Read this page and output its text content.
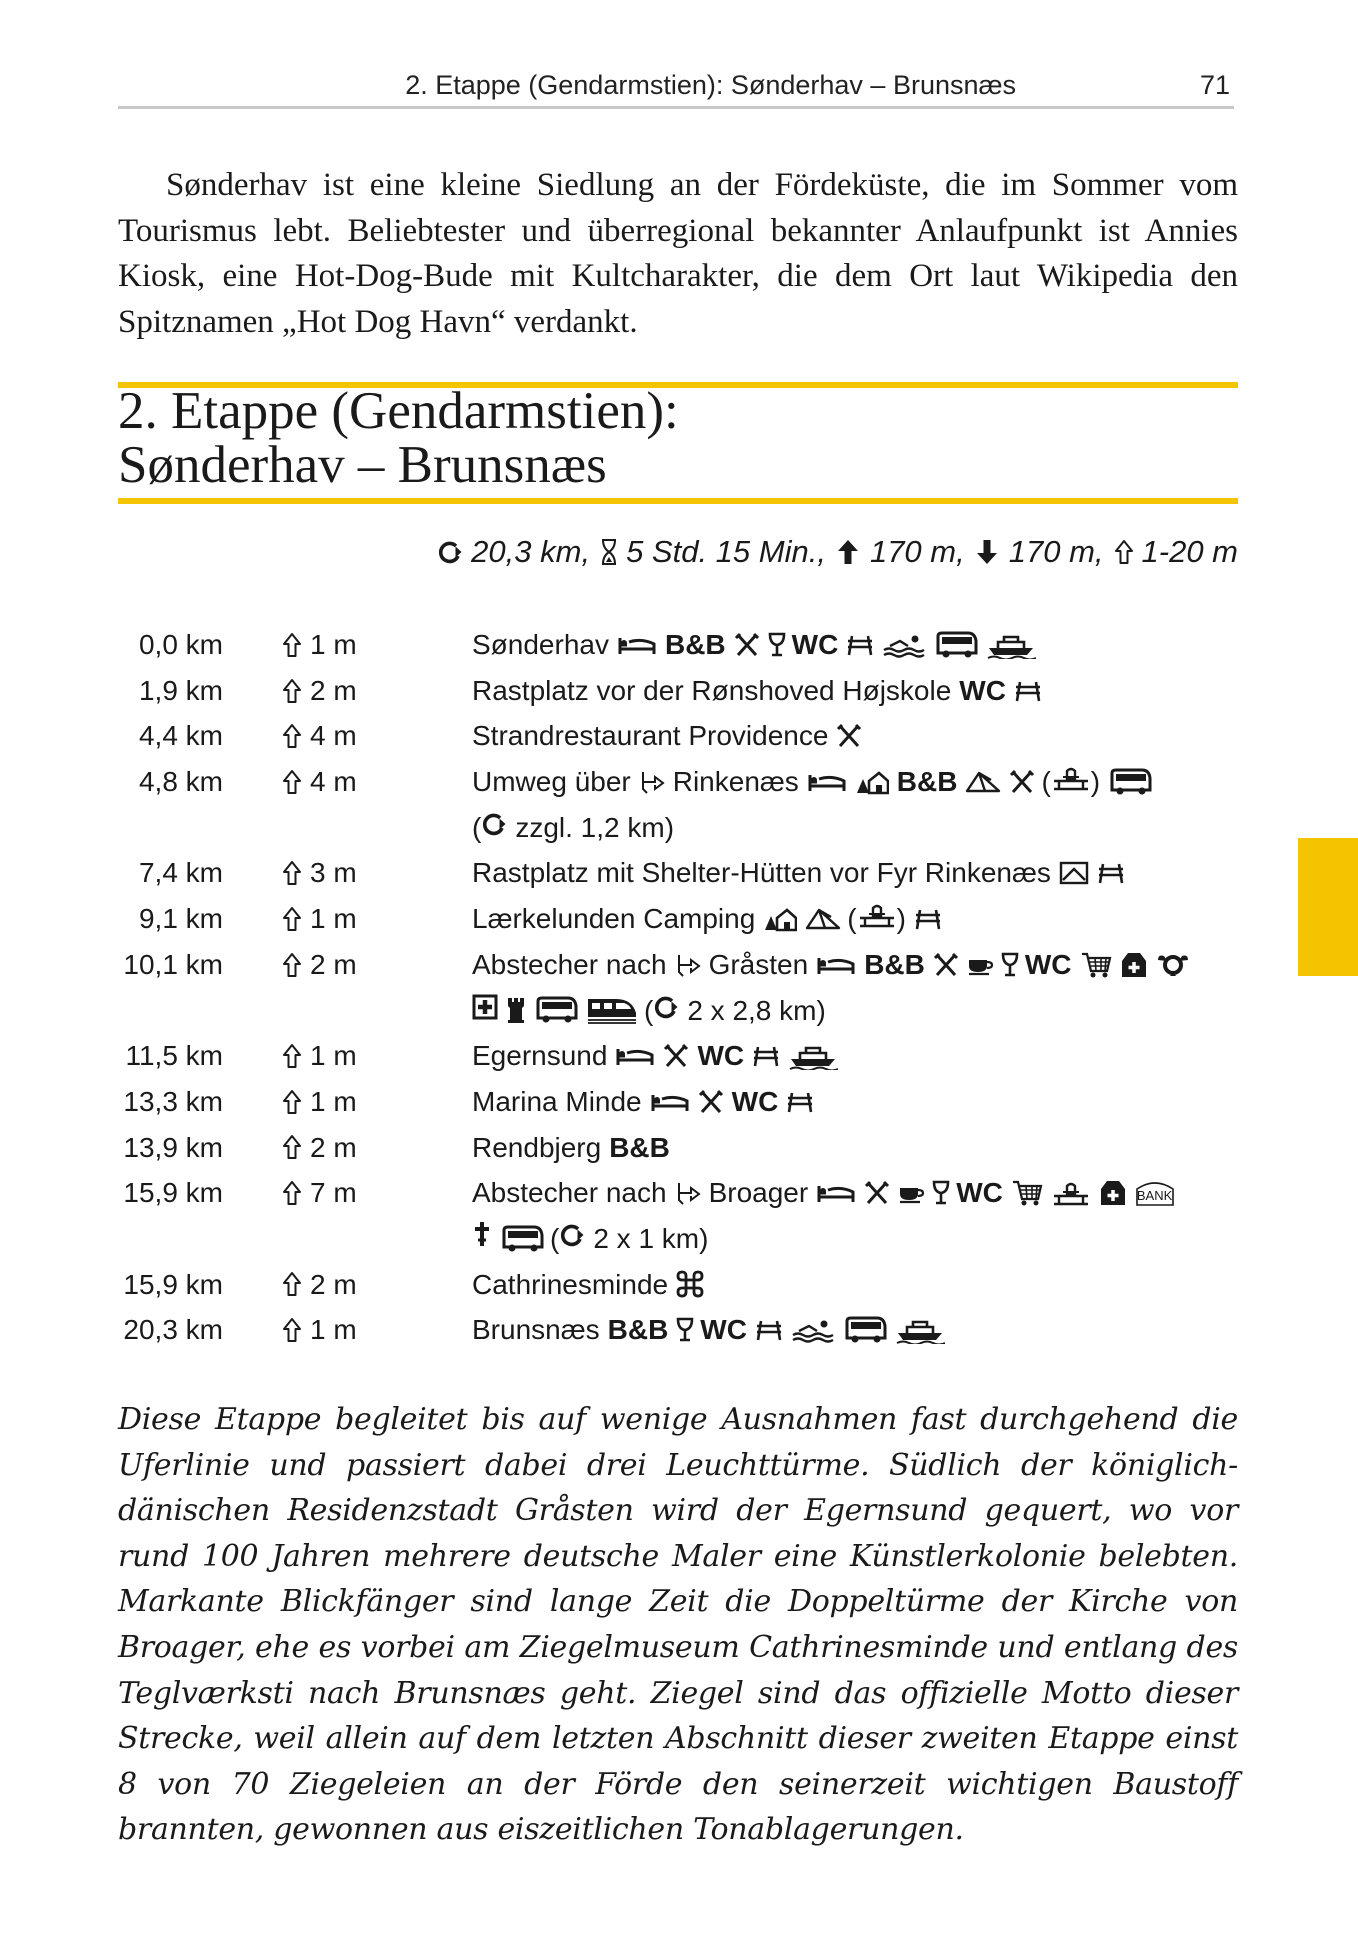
2. Etappe (Gendarmstien): Sønderhav – Brunsnæs	71

Sønderhav ist eine kleine Siedlung an der Fördeküste, die im Sommer vom Tourismus lebt. Beliebtester und überregional bekannter Anlaufpunkt ist Annies Kiosk, eine Hot-Dog-Bude mit Kultcharakter, die dem Ort laut Wikipedia den Spitznamen „Hot Dog Havn“ verdankt.

2. Etappe (Gendarmstien):
Sønderhav – Brunsnæs
20,3 km, 5 Std. 15 Min., 170 m, 170 m, 1-20 m
0,0 km	1 m	Sønderhav B&B WC
1,9 km	2 m	Rastplatz vor der Rønshoved Højskole WC
4,4 km	4 m	Strandrestaurant Providence
4,8 km	4 m	Umweg über Rinkenæs	B&B	( )
( zzgl. 1,2 km)
7,4 km	3 m	Rastplatz mit Shelter-Hütten vor Fyr Rinkenæs
9,1 km	1 m	Lærkelunden Camping	( )
10,1 km	2 m	Abstecher nach Gråsten B&B	WC
( 2 x 2,8 km)
11,5 km	1 m	Egernsund	WC
13,3 km	1 m	Marina Minde	WC
13,9 km	2 m	Rendbjerg B&B
15,9 km	7 m	Abstecher nach Broager	WC	BANK
( 2 x 1 km)
15,9 km	2 m	Cathrinesminde
20,3 km	1 m	Brunsnæs B&B WC

Diese Etappe begleitet bis auf wenige Ausnahmen fast durchgehend die Uferlinie und passiert dabei drei Leuchttürme. Südlich der königlich-dänischen Residenzstadt Gråsten wird der Egernsund gequert, wo vor rund 100 Jahren mehrere deutsche Maler eine Künstlerkolonie belebten. Markante Blickfänger sind lange Zeit die Doppeltürme der Kirche von Broager, ehe es vorbei am Ziegelmuseum Cathrinesminde und entlang des Teglværksti nach Brunsnæs geht. Ziegel sind das offizielle Motto dieser Strecke, weil allein auf dem letzten Abschnitt dieser zweiten Etappe einst 8 von 70 Ziegeleien an der Förde den seinerzeit wichtigen Baustoff brannten, gewonnen aus eiszeitlichen Tonablagerungen.
